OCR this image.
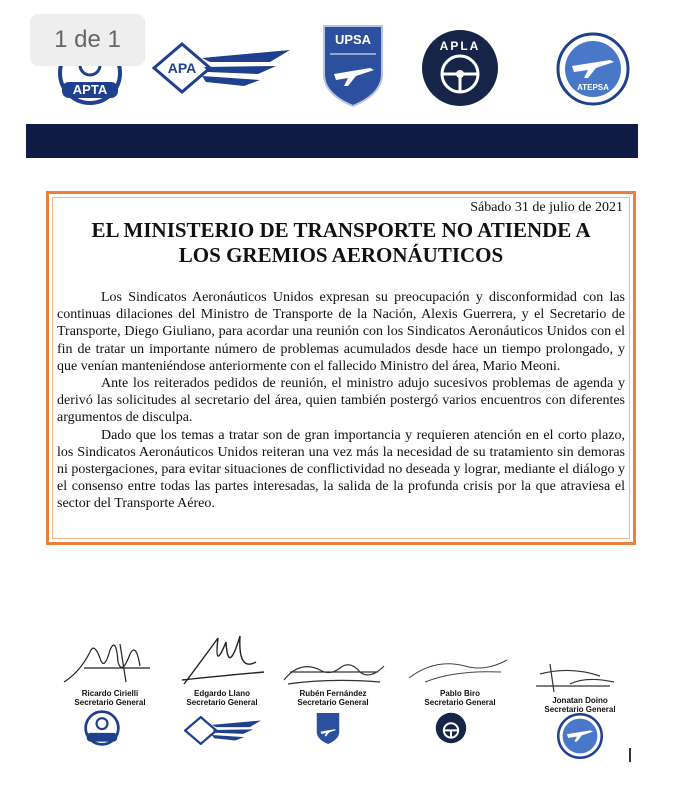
1 de 1
APTA
APA
UPSA	APLA
ATEPSA
Sábado 31 de julio de 2021
EL MINISTERIO DE TRANSPORTE NO ATIENDE A
LOS GREMIOS AERONÁUTICOS

Los Sindicatos Aeronáuticos Unidos expresan su preocupación y disconformidad con las continuas dilaciones del Ministro de Transporte de la Nación, Alexis Guerrera, y el Secretario de Transporte, Diego Giuliano, para acordar una reunión con los Sindicatos Aeronáuticos Unidos con el fin de tratar un importante número de problemas acumulados desde hace un tiempo prolongado, y que venían manteniéndose anteriormente con el fallecido Ministro del área, Mario Meoni.

Ante los reiterados pedidos de reunión, el ministro adujo sucesivos problemas de agenda y derivó las solicitudes al secretario del área, quien también postergó varios encuentros con diferentes argumentos de disculpa.

Dado que los temas a tratar son de gran importancia y requieren atención en el corto plazo, los Sindicatos Aeronáuticos Unidos reiteran una vez más la necesidad de su tratamiento sin demoras ni postergaciones, para evitar situaciones de conflictividad no deseada y lograr, mediante el diálogo y el consenso entre todas las partes interesadas, la salida de la profunda crisis por la que atraviesa el sector del Transporte Aéreo.

Ricardo Cirielli
Secretario General
Edgardo Llano
Secretario General
Rubén Fernández
Secretario General
Pablo Biro
Secretario General	Jonatan Doino
Secretario General
